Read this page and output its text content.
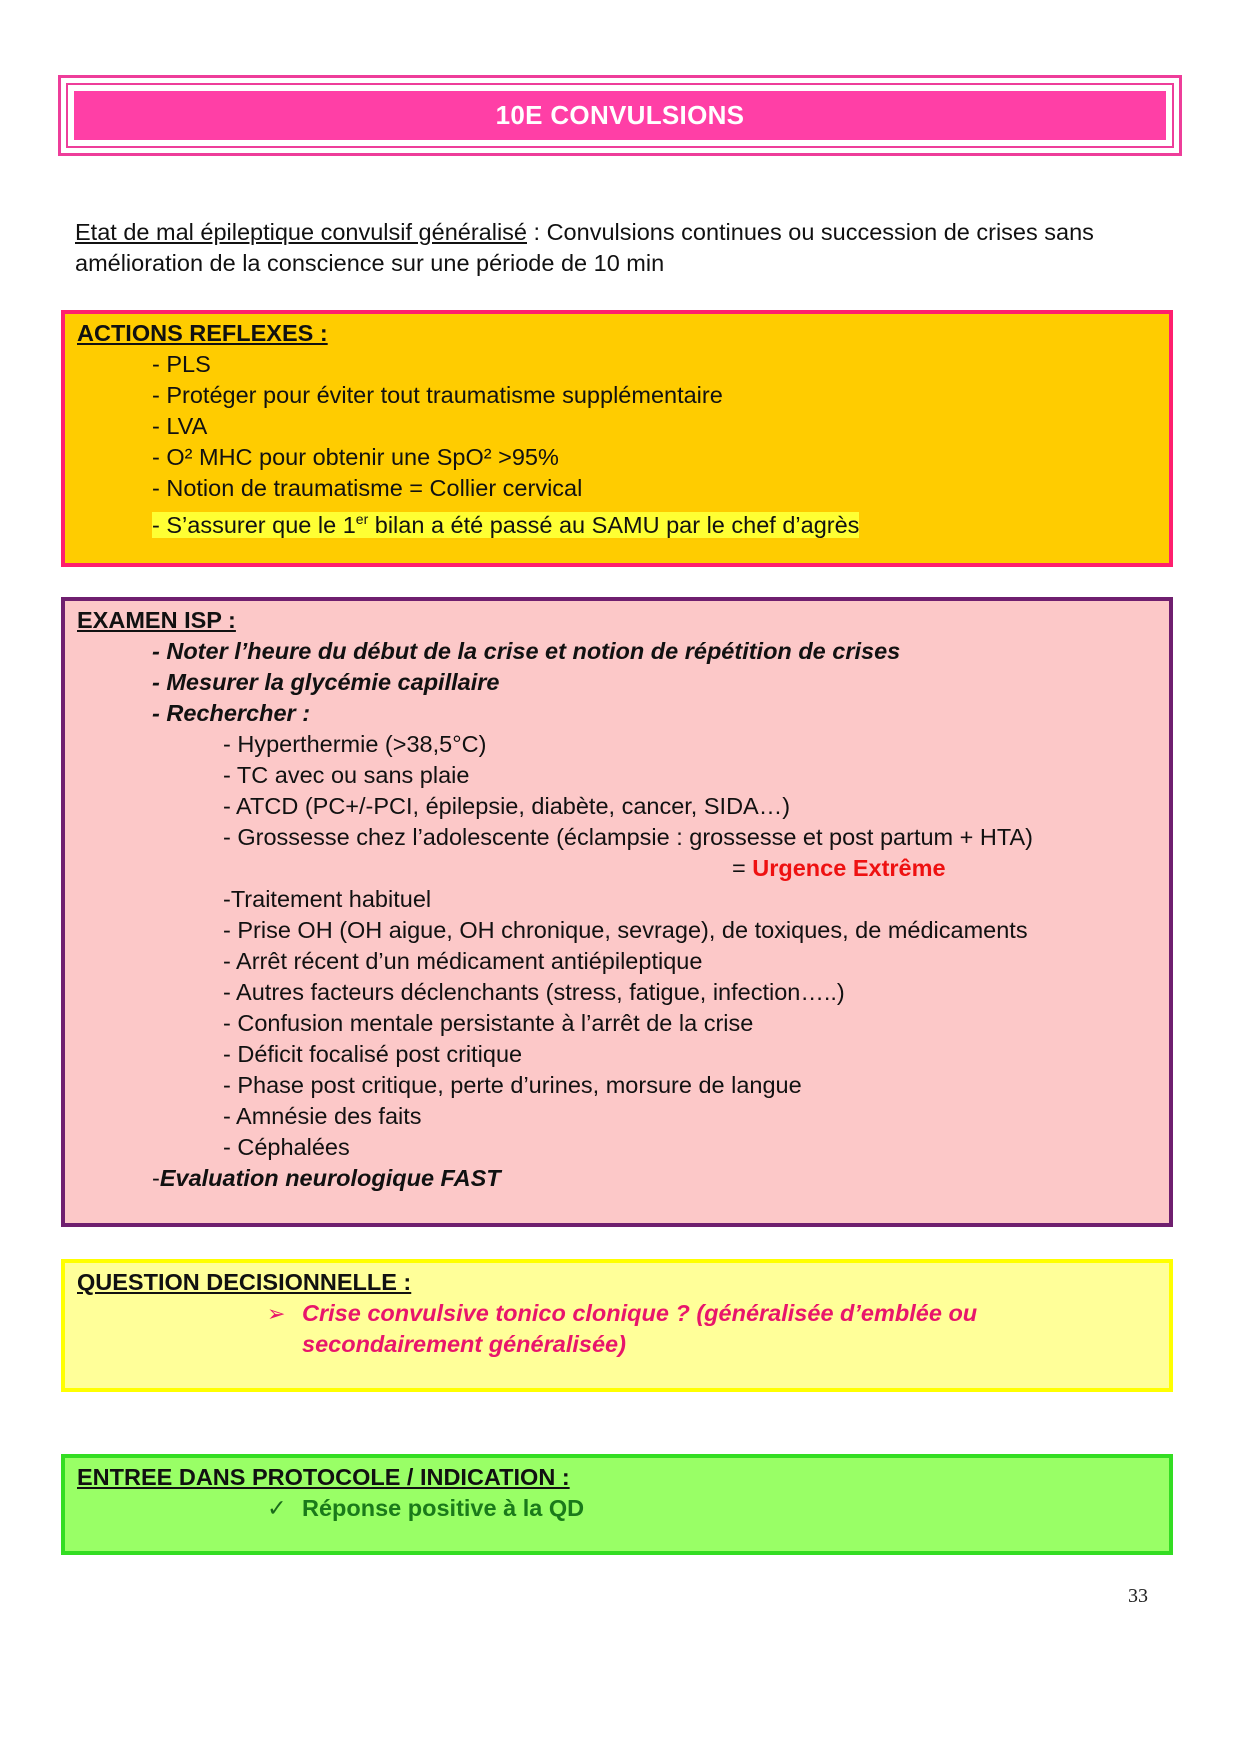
10E CONVULSIONS
Etat de mal épileptique convulsif généralisé : Convulsions continues ou succession de crises sans amélioration de la conscience sur une période de 10 min
ACTIONS REFLEXES :
- PLS
- Protéger pour éviter tout traumatisme supplémentaire
- LVA
- O² MHC pour obtenir une SpO² >95%
- Notion de traumatisme = Collier cervical
- S’assurer que le 1er bilan a été passé au SAMU par le chef d’agrès
EXAMEN ISP :
- Noter l’heure du début de la crise et notion de répétition de crises
- Mesurer la glycémie capillaire
- Rechercher :
- Hyperthermie (>38,5°C)
- TC avec ou sans plaie
- ATCD (PC+/-PCI, épilepsie, diabète, cancer, SIDA…)
- Grossesse chez l’adolescente (éclampsie : grossesse et post partum + HTA)
= Urgence Extrême
-Traitement habituel
- Prise OH (OH aigue, OH chronique, sevrage), de toxiques, de médicaments
- Arrêt récent d’un médicament antiépileptique
- Autres facteurs déclenchants (stress, fatigue, infection…..)
- Confusion mentale persistante à l’arrêt de la crise
- Déficit focalisé post critique
- Phase post critique, perte d’urines, morsure de langue
- Amnésie des faits
- Céphalées
-Evaluation neurologique FAST
QUESTION DECISIONNELLE :
➢ Crise convulsive tonico clonique ? (généralisée d’emblée ou secondairement généralisée)
ENTREE DANS PROTOCOLE / INDICATION :
✓ Réponse positive à la QD
33
